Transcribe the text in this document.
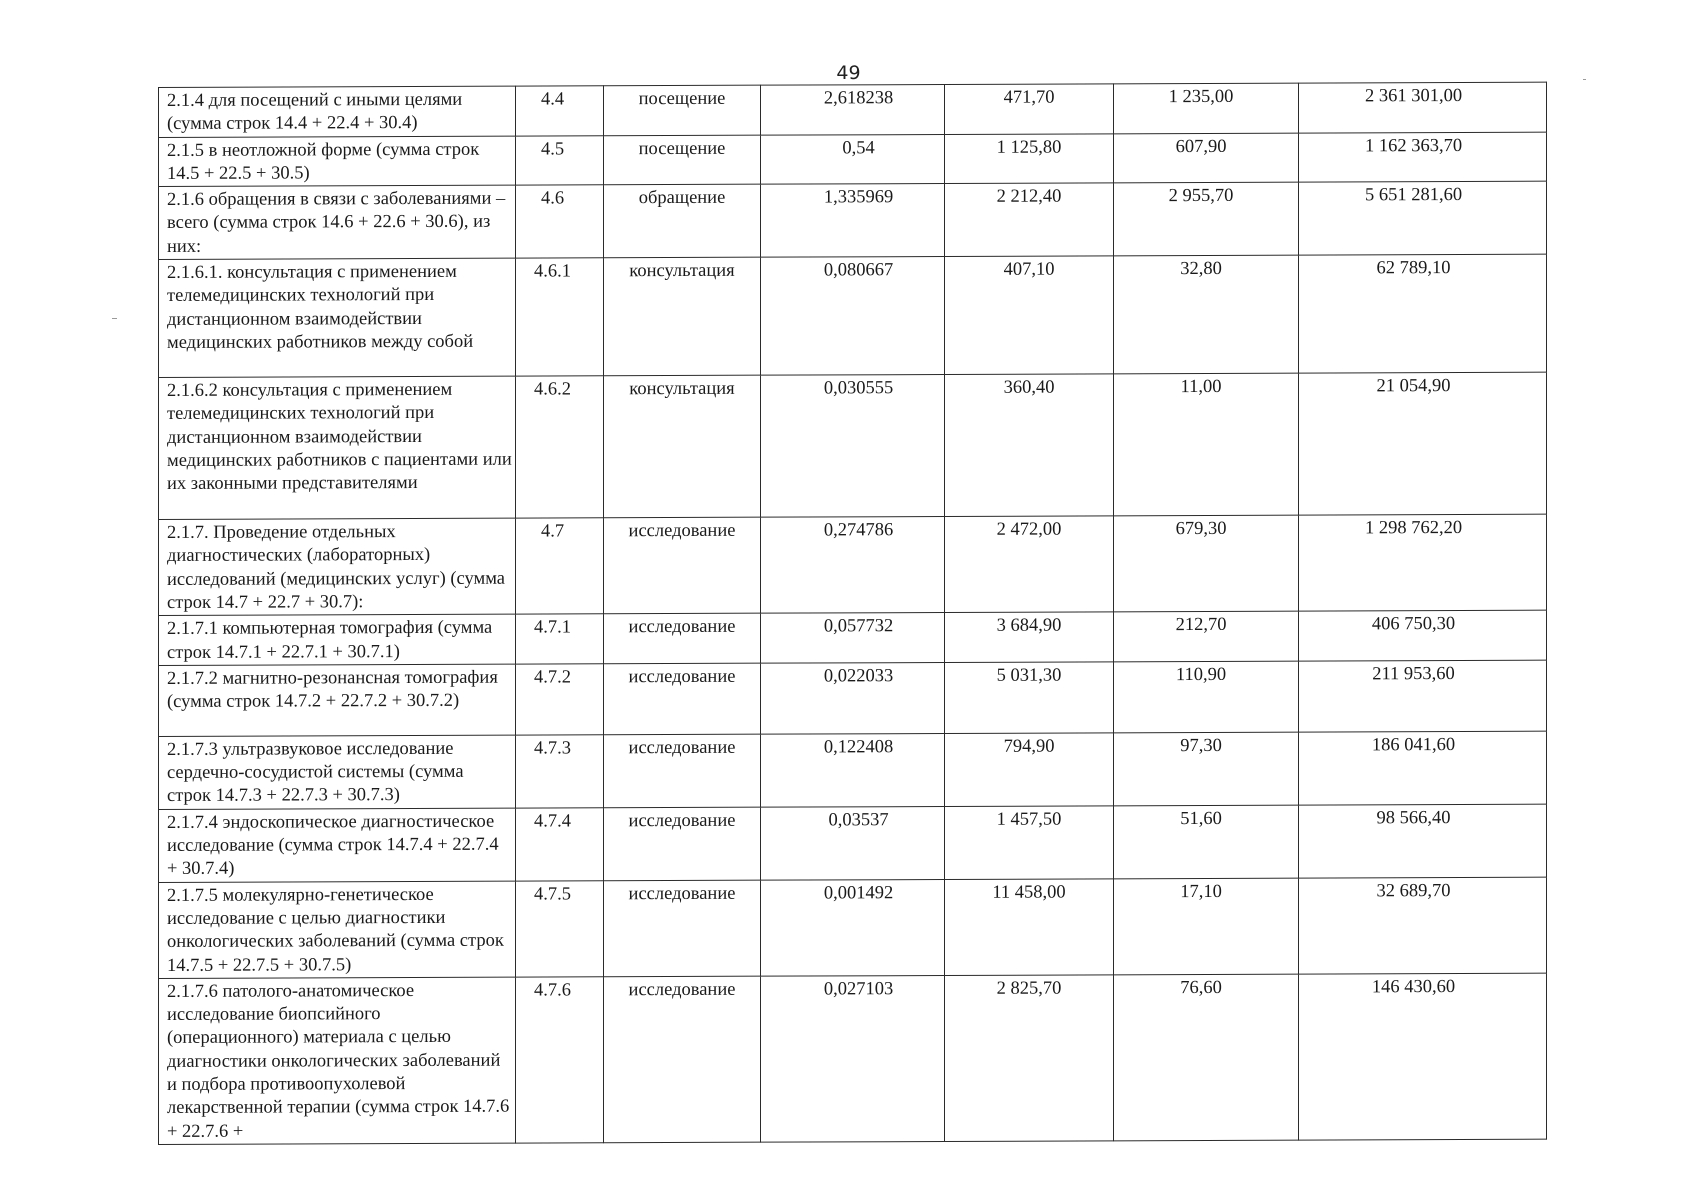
49
2.1.4 для посещений с иными целями (сумма строк 14.4 + 22.4 + 30.4)	4.4	посещение	2,618238	471,70	1 235,00	2 361 301,00
2.1.5 в неотложной форме (сумма строк 14.5 + 22.5 + 30.5)	4.5	посещение	0,54	1 125,80	607,90	1 162 363,70
2.1.6 обращения в связи с заболеваниями – всего (сумма строк 14.6 + 22.6 + 30.6), из них:	4.6	обращение	1,335969	2 212,40	2 955,70	5 651 281,60
2.1.6.1. консультация с применением телемедицинских технологий при дистанционном взаимодействии медицинских работников между собой	4.6.1	консультация	0,080667	407,10	32,80	62 789,10
2.1.6.2 консультация с применением телемедицинских технологий при дистанционном взаимодействии медицинских работников с пациентами или их законными представителями	4.6.2	консультация	0,030555	360,40	11,00	21 054,90
2.1.7. Проведение отдельных диагностических (лабораторных) исследований (медицинских услуг) (сумма строк 14.7 + 22.7 + 30.7):	4.7	исследование	0,274786	2 472,00	679,30	1 298 762,20
2.1.7.1 компьютерная томография (сумма строк 14.7.1 + 22.7.1 + 30.7.1)	4.7.1	исследование	0,057732	3 684,90	212,70	406 750,30
2.1.7.2 магнитно-резонансная томография (сумма строк 14.7.2 + 22.7.2 + 30.7.2)	4.7.2	исследование	0,022033	5 031,30	110,90	211 953,60
2.1.7.3 ультразвуковое исследование сердечно-сосудистой системы (сумма строк 14.7.3 + 22.7.3 + 30.7.3)	4.7.3	исследование	0,122408	794,90	97,30	186 041,60
2.1.7.4 эндоскопическое диагностическое исследование (сумма строк 14.7.4 + 22.7.4 + 30.7.4)	4.7.4	исследование	0,03537	1 457,50	51,60	98 566,40
2.1.7.5 молекулярно-генетическое исследование с целью диагностики онкологических заболеваний (сумма строк 14.7.5 + 22.7.5 + 30.7.5)	4.7.5	исследование	0,001492	11 458,00	17,10	32 689,70
2.1.7.6 патолого-анатомическое исследование биопсийного (операционного) материала с целью диагностики онкологических заболеваний и подбора противоопухолевой лекарственной терапии (сумма строк 14.7.6 + 22.7.6 +	4.7.6	исследование	0,027103	2 825,70	76,60	146 430,60
